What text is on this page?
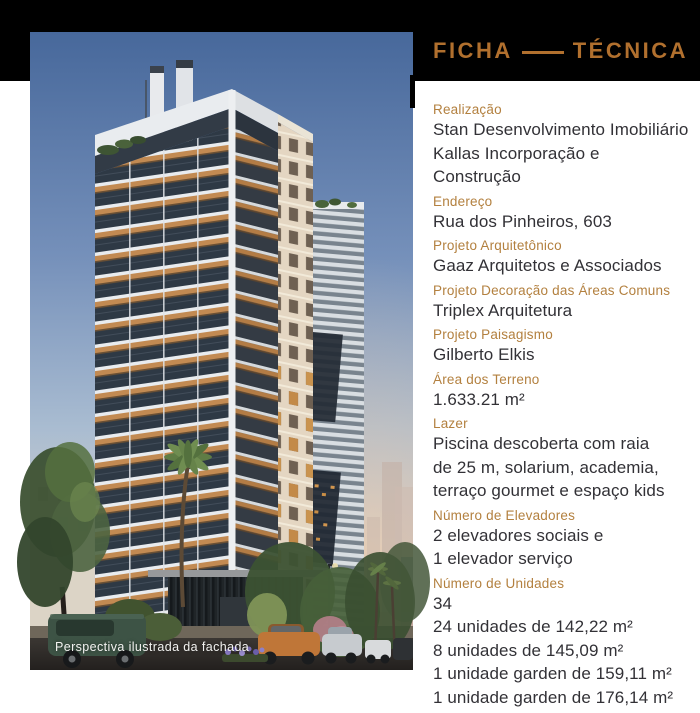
Perspectiva ilustrada da fachada
FICHA	TÉCNICA
Realização
Stan Desenvolvimento Imobiliário
Kallas Incorporação e Construção
Endereço
Rua dos Pinheiros, 603
Projeto Arquitetônico
Gaaz Arquitetos e Associados
Projeto Decoração das Áreas Comuns
Triplex Arquitetura
Projeto Paisagismo
Gilberto Elkis
Área dos Terreno
1.633.21 m²
Lazer
Piscina descoberta com raia
de 25 m, solarium, academia,
terraço gourmet e espaço kids
Número de Elevadores
2 elevadores sociais e
1 elevador serviço
Número de Unidades
34
24 unidades de 142,22 m²
8 unidades de 145,09 m²
1 unidade garden de 159,11 m²
1 unidade garden de 176,14 m²
